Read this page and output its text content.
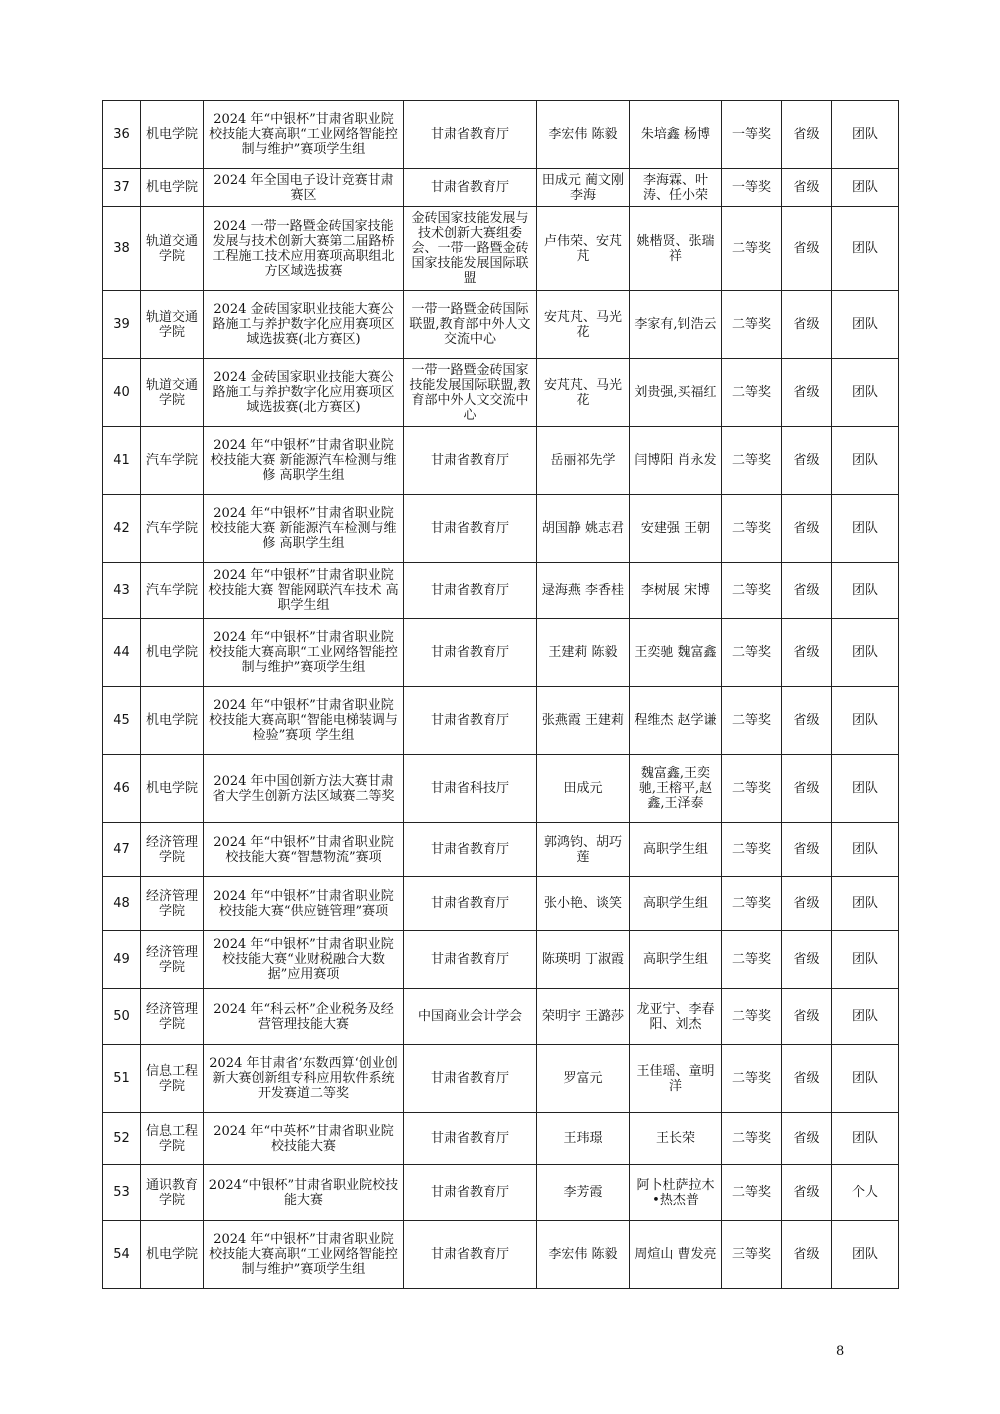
36	机电学院	2024 年“中银杯”甘肃省职业院校技能大赛高职“工业网络智能控制与维护”赛项学生组	甘肃省教育厅	李宏伟 陈毅	朱培鑫 杨博	一等奖	省级	团队
37	机电学院	2024 年全国电子设计竞赛甘肃赛区	甘肃省教育厅	田成元 蔺文刚李海	李海霖、叶涛、任小荣	一等奖	省级	团队
38	轨道交通学院	2024 一带一路暨金砖国家技能发展与技术创新大赛第二届路桥工程施工技术应用赛项高职组北方区域选拔赛	金砖国家技能发展与技术创新大赛组委会、一带一路暨金砖国家技能发展国际联盟	卢伟荣、安芃芃	姚楷贤、张瑞祥	二等奖	省级	团队
39	轨道交通学院	2024 金砖国家职业技能大赛公路施工与养护数字化应用赛项区域选拔赛(北方赛区)	一带一路暨金砖国际联盟,教育部中外人文交流中心	安芃芃、马光花	李家有,钊浩云	二等奖	省级	团队
40	轨道交通学院	2024 金砖国家职业技能大赛公路施工与养护数字化应用赛项区域选拔赛(北方赛区)	一带一路暨金砖国家技能发展国际联盟,教育部中外人文交流中心	安芃芃、马光花	刘贵强,买福红	二等奖	省级	团队
41	汽车学院	2024 年“中银杯”甘肃省职业院校技能大赛 新能源汽车检测与维修 高职学生组	甘肃省教育厅	岳丽祁先学	闫博阳 肖永发	二等奖	省级	团队
42	汽车学院	2024 年“中银杯”甘肃省职业院校技能大赛 新能源汽车检测与维修 高职学生组	甘肃省教育厅	胡国静 姚志君	安建强 王朝	二等奖	省级	团队
43	汽车学院	2024 年“中银杯”甘肃省职业院校技能大赛 智能网联汽车技术 高职学生组	甘肃省教育厅	逯海燕 李香桂	李树展 宋博	二等奖	省级	团队
44	机电学院	2024 年“中银杯”甘肃省职业院校技能大赛高职“工业网络智能控制与维护”赛项学生组	甘肃省教育厅	王建莉 陈毅	王奕驰 魏富鑫	二等奖	省级	团队
45	机电学院	2024 年“中银杯”甘肃省职业院校技能大赛高职“智能电梯装调与检验”赛项 学生组	甘肃省教育厅	张燕霞 王建莉	程维杰 赵学谦	二等奖	省级	团队
46	机电学院	2024 年中国创新方法大赛甘肃省大学生创新方法区域赛二等奖	甘肃省科技厅	田成元	魏富鑫,王奕驰,王榕平,赵鑫,王泽泰	二等奖	省级	团队
47	经济管理学院	2024 年“中银杯”甘肃省职业院校技能大赛“智慧物流”赛项	甘肃省教育厅	郭鸿钧、胡巧莲	高职学生组	二等奖	省级	团队
48	经济管理学院	2024 年“中银杯”甘肃省职业院校技能大赛“供应链管理”赛项	甘肃省教育厅	张小艳、谈笑	高职学生组	二等奖	省级	团队
49	经济管理学院	2024 年“中银杯”甘肃省职业院校技能大赛“业财税融合大数据”应用赛项	甘肃省教育厅	陈瑛明 丁淑霞	高职学生组	二等奖	省级	团队
50	经济管理学院	2024 年“科云杯”企业税务及经营管理技能大赛	中国商业会计学会	荣明宇 王潞莎	龙亚宁、李春阳、刘杰	二等奖	省级	团队
51	信息工程学院	2024 年甘肃省’东数西算‘创业创新大赛创新组专科应用软件系统开发赛道二等奖	甘肃省教育厅	罗富元	王佳瑶、童明洋	二等奖	省级	团队
52	信息工程学院	2024 年“中英杯”甘肃省职业院校技能大赛	甘肃省教育厅	王玮璟	王长荣	二等奖	省级	团队
53	通识教育学院	2024“中银杯”甘肃省职业院校技能大赛	甘肃省教育厅	李芳霞	阿卜杜萨拉木•热杰普	二等奖	省级	个人
54	机电学院	2024 年“中银杯”甘肃省职业院校技能大赛高职“工业网络智能控制与维护”赛项学生组	甘肃省教育厅	李宏伟 陈毅	周煊山 曹发亮	三等奖	省级	团队
8
